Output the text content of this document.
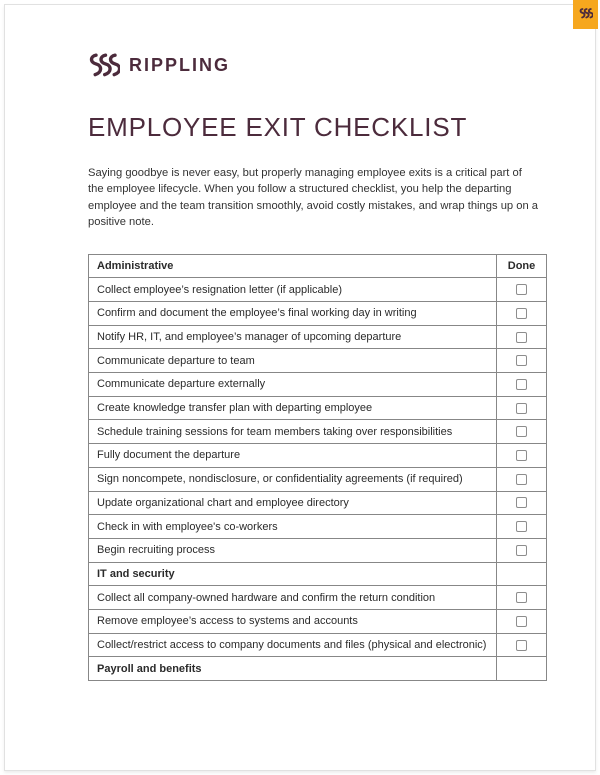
RIPPLING
EMPLOYEE EXIT CHECKLIST

Saying goodbye is never easy, but properly managing employee exits is a critical part of the employee lifecycle. When you follow a structured checklist, you help the departing employee and the team transition smoothly, avoid costly mistakes, and wrap things up on a positive note.

Administrative	Done
Collect employee’s resignation letter (if applicable)	
Confirm and document the employee’s final working day in writing	
Notify HR, IT, and employee’s manager of upcoming departure	
Communicate departure to team	
Communicate departure externally	
Create knowledge transfer plan with departing employee	
Schedule training sessions for team members taking over responsibilities	
Fully document the departure	
Sign noncompete, nondisclosure, or confidentiality agreements (if required)	
Update organizational chart and employee directory	
Check in with employee's co-workers	
Begin recruiting process	
IT and security	
Collect all company-owned hardware and confirm the return condition	
Remove employee’s access to systems and accounts	
Collect/restrict access to company documents and files (physical and electronic)	
Payroll and benefits	
